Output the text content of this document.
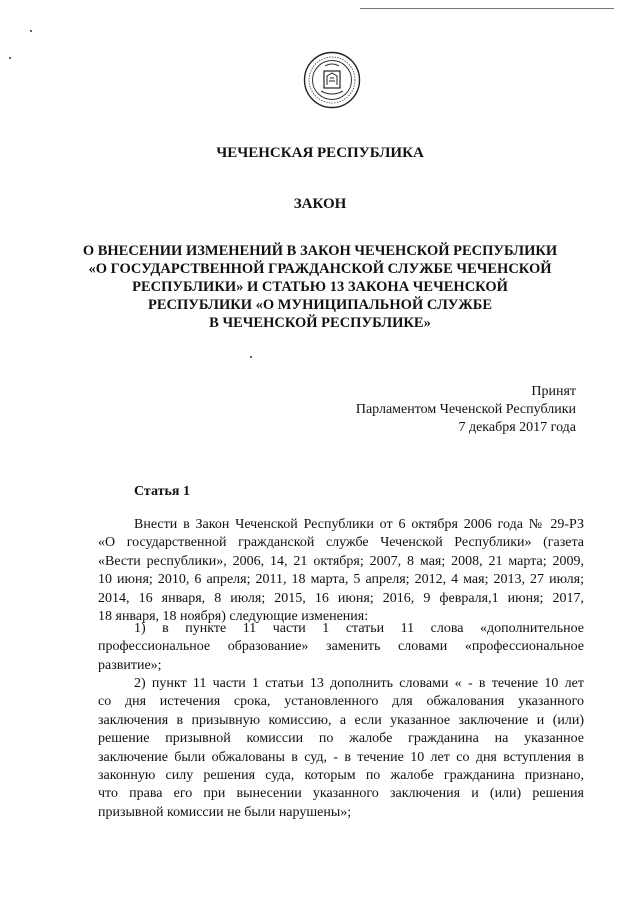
ЧЕЧЕНСКАЯ РЕСПУБЛИКА
ЗАКОН
О ВНЕСЕНИИ ИЗМЕНЕНИЙ В ЗАКОН ЧЕЧЕНСКОЙ РЕСПУБЛИКИ
«О ГОСУДАРСТВЕННОЙ ГРАЖДАНСКОЙ СЛУЖБЕ ЧЕЧЕНСКОЙ
РЕСПУБЛИКИ» И СТАТЬЮ 13 ЗАКОНА ЧЕЧЕНСКОЙ
РЕСПУБЛИКИ «О МУНИЦИПАЛЬНОЙ СЛУЖБЕ
В ЧЕЧЕНСКОЙ РЕСПУБЛИКЕ»
Принят
Парламентом Чеченской Республики
7 декабря 2017 года
Статья 1
Внести в Закон Чеченской Республики от 6 октября 2006 года № 29-РЗ
«О государственной гражданской службе Чеченской Республики» (газета
«Вести республики», 2006, 14, 21 октября; 2007, 8 мая; 2008, 21 марта; 2009,
10 июня; 2010, 6 апреля; 2011, 18 марта, 5 апреля; 2012, 4 мая; 2013, 27 июля;
2014, 16 января, 8 июля; 2015, 16 июня; 2016, 9 февраля,1 июня; 2017,
18 января, 18 ноября) следующие изменения:
1) в пункте 11 части 1 статьи 11 слова «дополнительное
профессиональное образование» заменить словами «профессиональное
развитие»;
2) пункт 11 части 1 статьи 13 дополнить словами « - в течение 10 лет
со дня истечения срока, установленного для обжалования указанного
заключения в призывную комиссию, а если указанное заключение и (или)
решение призывной комиссии по жалобе гражданина на указанное
заключение были обжалованы в суд, - в течение 10 лет со дня вступления в
законную силу решения суда, которым по жалобе гражданина признано,
что права его при вынесении указанного заключения и (или) решения
призывной комиссии не были нарушены»;
